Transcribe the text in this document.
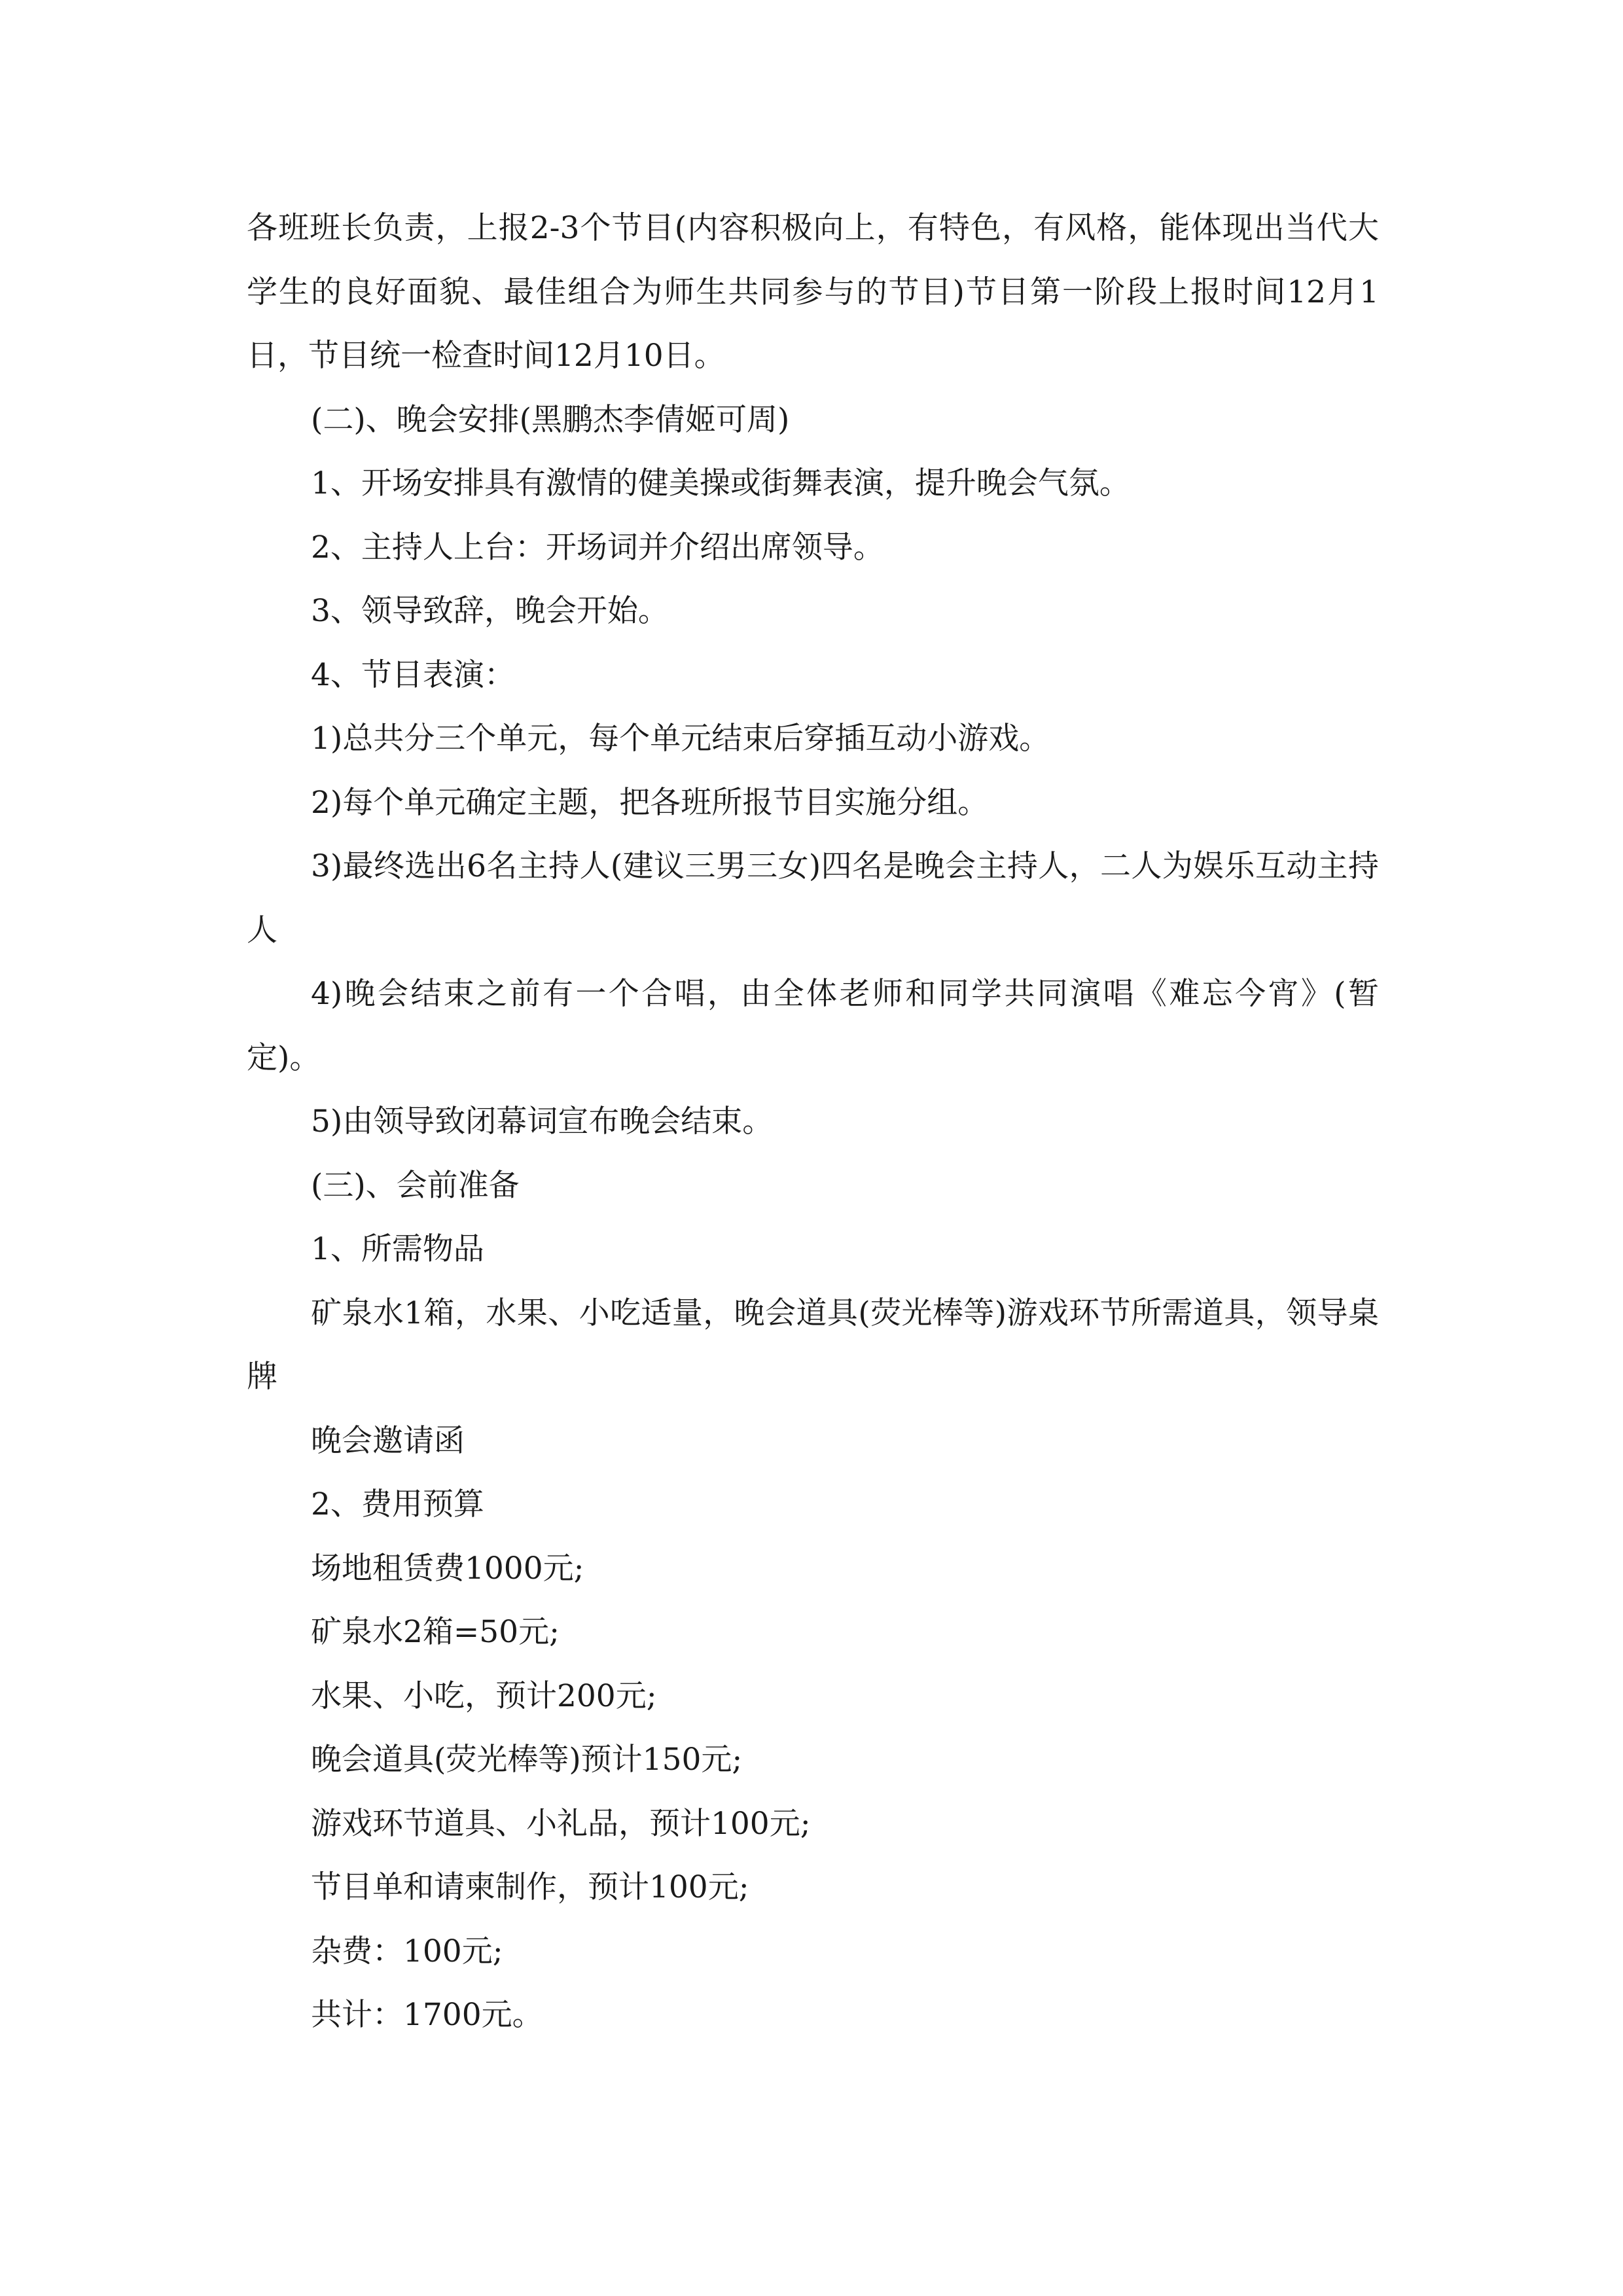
各班班长负责，上报2-3个节目(内容积极向上，有特色，有风格，能体现出当代大学生的良好面貌、最佳组合为师生共同参与的节目)节目第一阶段上报时间12月1日，节目统一检查时间12月10日。

(二)、晚会安排(黑鹏杰李倩姬可周)

1、开场安排具有激情的健美操或街舞表演，提升晚会气氛。

2、主持人上台：开场词并介绍出席领导。

3、领导致辞，晚会开始。

4、节目表演：

1)总共分三个单元，每个单元结束后穿插互动小游戏。

2)每个单元确定主题，把各班所报节目实施分组。

3)最终选出6名主持人(建议三男三女)四名是晚会主持人，二人为娱乐互动主持人

4)晚会结束之前有一个合唱，由全体老师和同学共同演唱《难忘今宵》(暂定)。

5)由领导致闭幕词宣布晚会结束。

(三)、会前准备

1、所需物品

矿泉水1箱，水果、小吃适量，晚会道具(荧光棒等)游戏环节所需道具，领导桌牌

晚会邀请函

2、费用预算

场地租赁费1000元;

矿泉水2箱=50元;

水果、小吃，预计200元;

晚会道具(荧光棒等)预计150元;

游戏环节道具、小礼品，预计100元;

节目单和请柬制作，预计100元;

杂费：100元;

共计：1700元。
